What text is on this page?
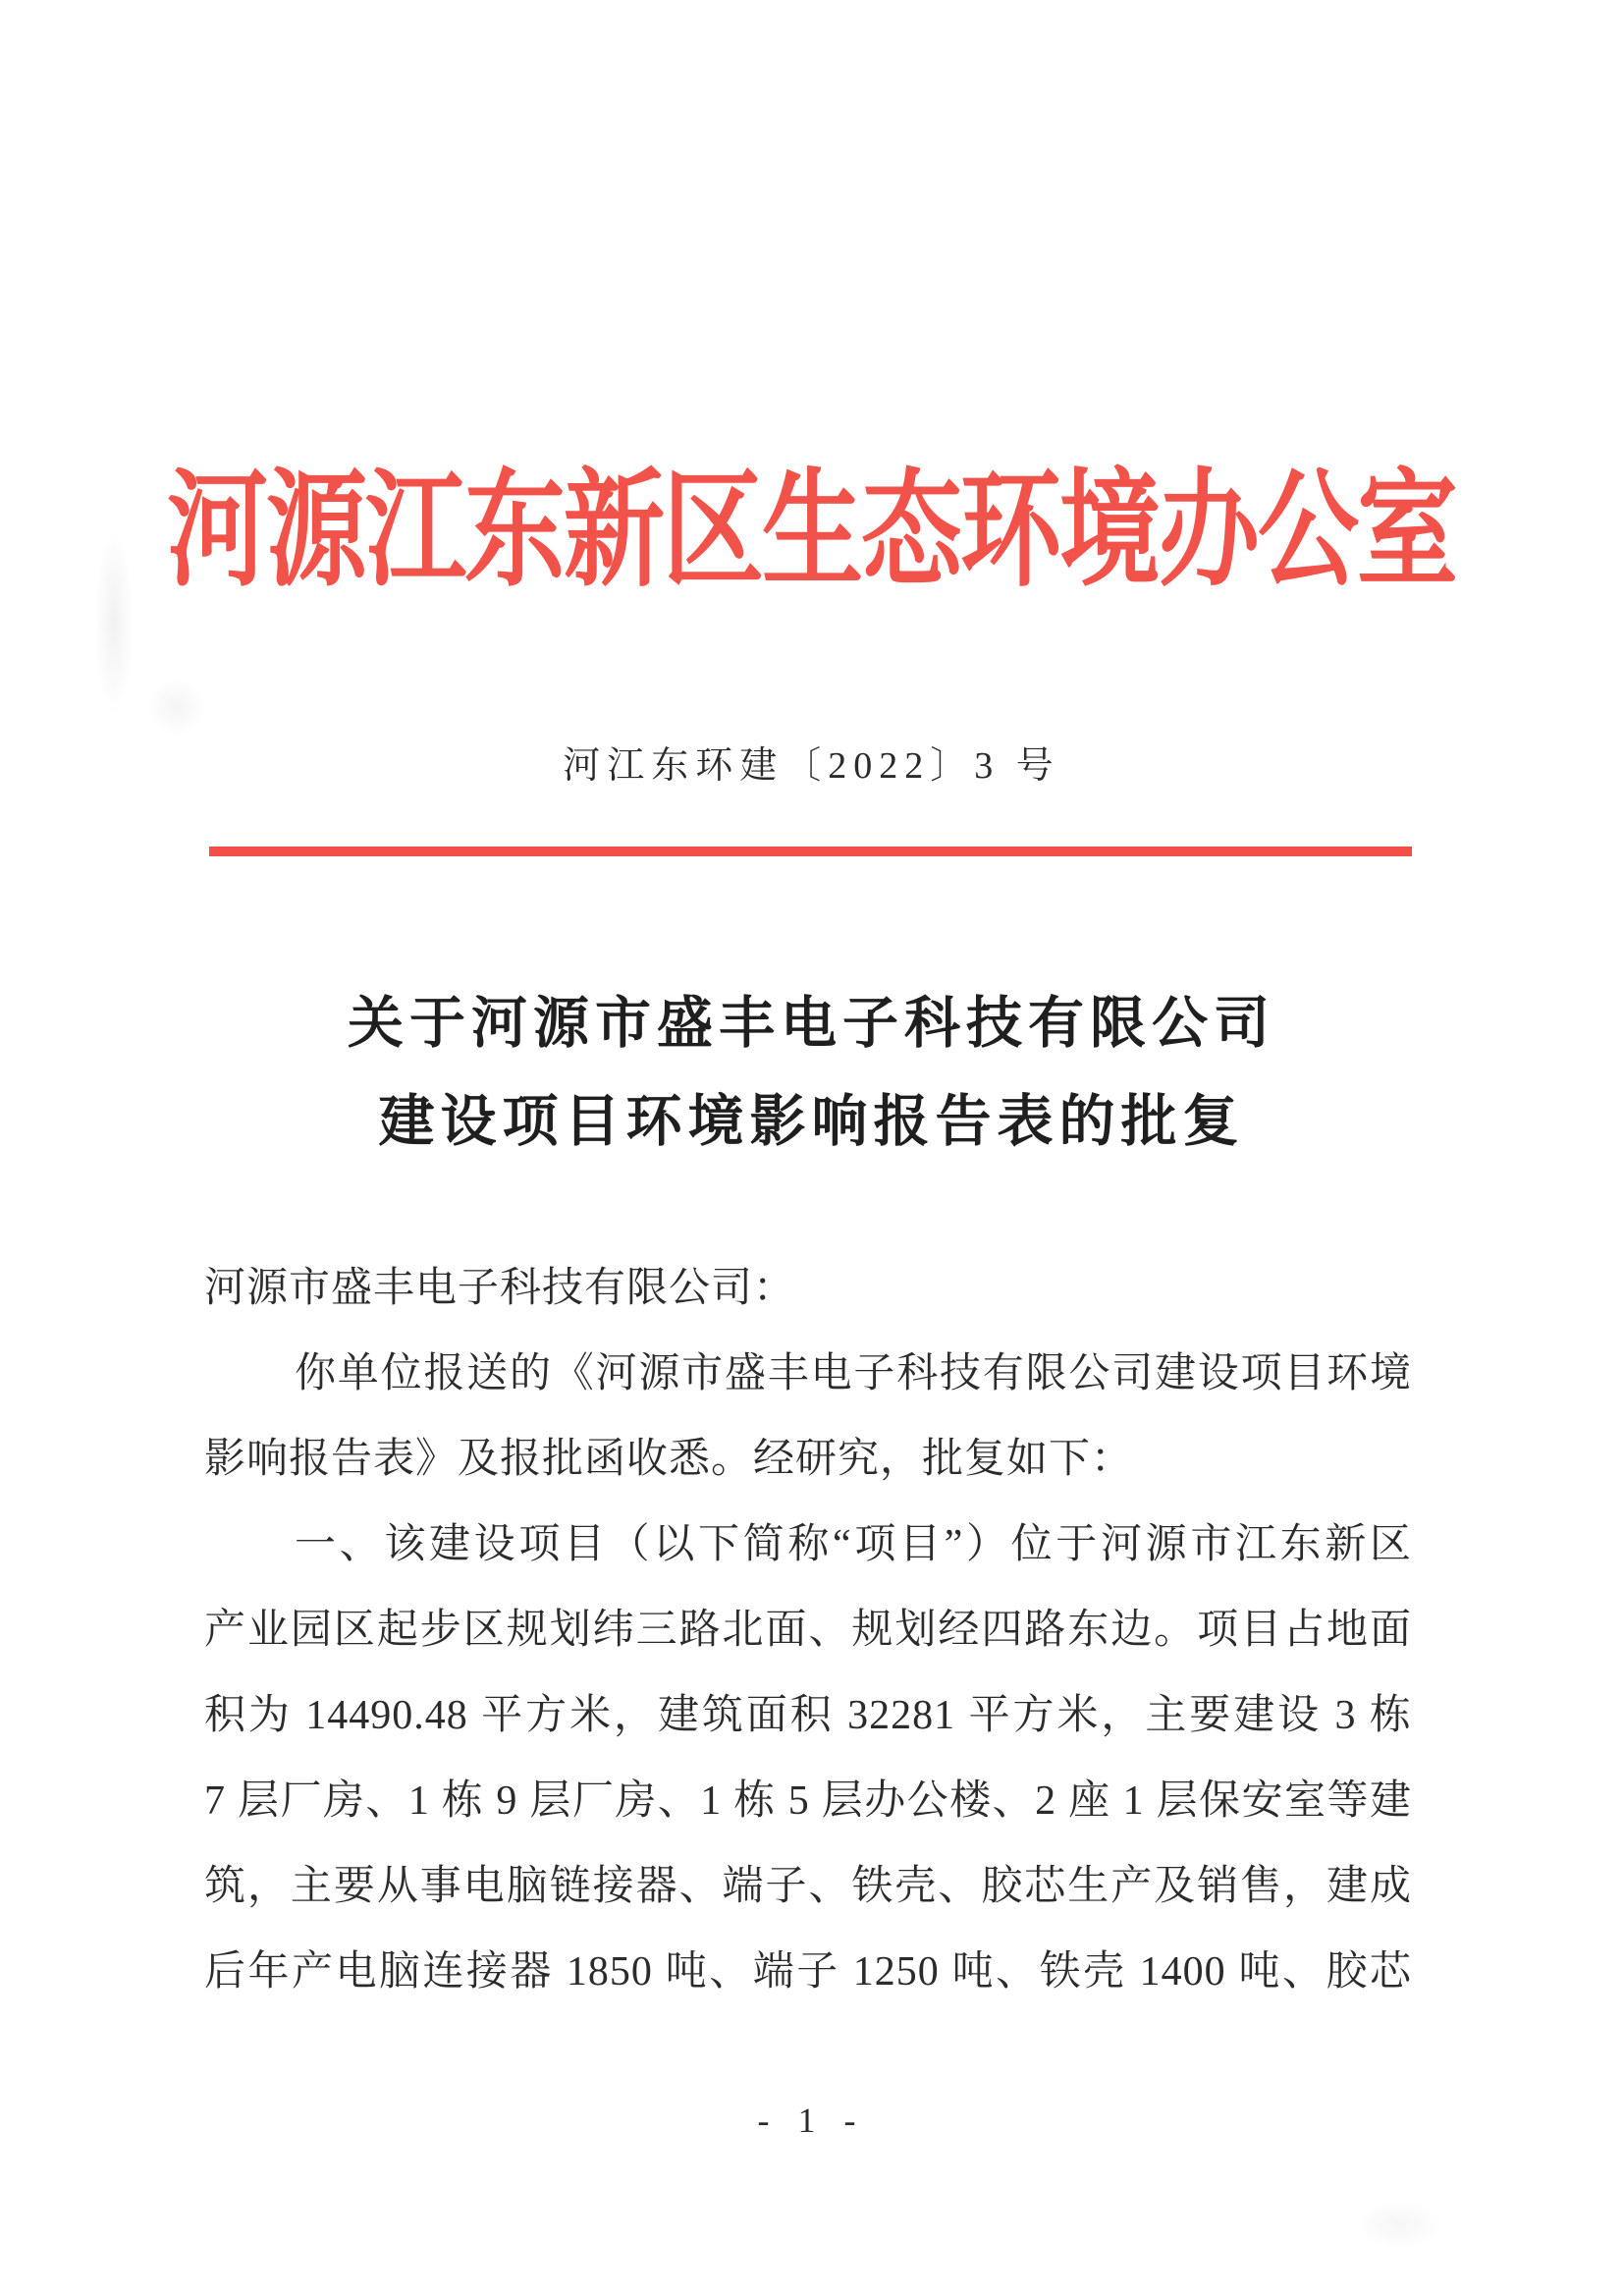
河源江东新区生态环境办公室
河江东环建〔2022〕3 号
关于河源市盛丰电子科技有限公司
建设项目环境影响报告表的批复
河源市盛丰电子科技有限公司：
你单位报送的《河源市盛丰电子科技有限公司建设项目环境
影响报告表》及报批函收悉。经研究，批复如下：
一、该建设项目（以下简称“项目”）位于河源市江东新区
产业园区起步区规划纬三路北面、规划经四路东边。项目占地面
积为 14490.48 平方米，建筑面积 32281 平方米，主要建设 3 栋
7 层厂房、1 栋 9 层厂房、1 栋 5 层办公楼、2 座 1 层保安室等建
筑，主要从事电脑链接器、端子、铁壳、胶芯生产及销售，建成
后年产电脑连接器 1850 吨、端子 1250 吨、铁壳 1400 吨、胶芯
- 1 -
